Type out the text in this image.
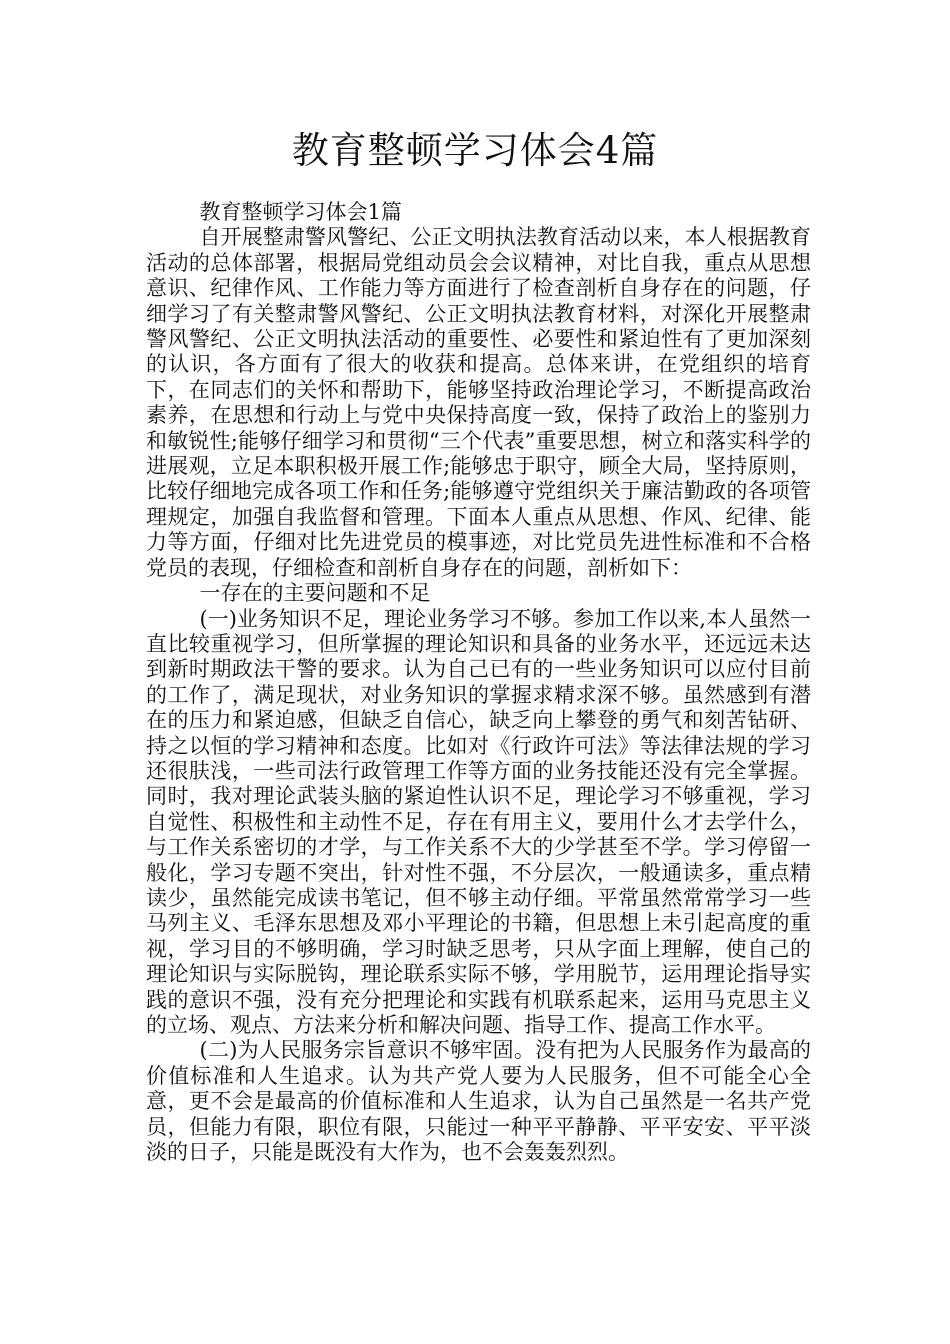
教育整顿学习体会4篇

教育整顿学习体会1篇

自开展整肃警风警纪、公正文明执法教育活动以来，本人根据教育活动的总体部署，根据局党组动员会会议精神，对比自我，重点从思想意识、纪律作风、工作能力等方面进行了检查剖析自身存在的问题，仔细学习了有关整肃警风警纪、公正文明执法教育材料，对深化开展整肃警风警纪、公正文明执法活动的重要性、必要性和紧迫性有了更加深刻的认识，各方面有了很大的收获和提高。总体来讲，在党组织的培育下，在同志们的关怀和帮助下，能够坚持政治理论学习，不断提高政治素养，在思想和行动上与党中央保持高度一致，保持了政治上的鉴别力和敏锐性;能够仔细学习和贯彻“三个代表”重要思想，树立和落实科学的进展观，立足本职积极开展工作;能够忠于职守，顾全大局，坚持原则，比较仔细地完成各项工作和任务;能够遵守党组织关于廉洁勤政的各项管理规定，加强自我监督和管理。下面本人重点从思想、作风、纪律、能力等方面，仔细对比先进党员的模事迹，对比党员先进性标准和不合格党员的表现，仔细检查和剖析自身存在的问题，剖析如下：

一存在的主要问题和不足

(一)业务知识不足，理论业务学习不够。参加工作以来,本人虽然一直比较重视学习，但所掌握的理论知识和具备的业务水平，还远远未达到新时期政法干警的要求。认为自己已有的一些业务知识可以应付目前的工作了，满足现状，对业务知识的掌握求精求深不够。虽然感到有潜在的压力和紧迫感，但缺乏自信心，缺乏向上攀登的勇气和刻苦钻研、持之以恒的学习精神和态度。比如对《行政许可法》等法律法规的学习还很肤浅，一些司法行政管理工作等方面的业务技能还没有完全掌握。同时，我对理论武装头脑的紧迫性认识不足，理论学习不够重视，学习自觉性、积极性和主动性不足，存在有用主义，要用什么才去学什么，与工作关系密切的才学，与工作关系不大的少学甚至不学。学习停留一般化，学习专题不突出，针对性不强，不分层次，一般通读多，重点精读少，虽然能完成读书笔记，但不够主动仔细。平常虽然常常学习一些马列主义、毛泽东思想及邓小平理论的书籍，但思想上未引起高度的重视，学习目的不够明确，学习时缺乏思考，只从字面上理解，使自己的理论知识与实际脱钩，理论联系实际不够，学用脱节，运用理论指导实践的意识不强，没有充分把理论和实践有机联系起来，运用马克思主义的立场、观点、方法来分析和解决问题、指导工作、提高工作水平。

(二)为人民服务宗旨意识不够牢固。没有把为人民服务作为最高的价值标准和人生追求。认为共产党人要为人民服务，但不可能全心全意，更不会是最高的价值标准和人生追求，认为自己虽然是一名共产党员，但能力有限，职位有限，只能过一种平平静静、平平安安、平平淡淡的日子，只能是既没有大作为，也不会轰轰烈烈。
